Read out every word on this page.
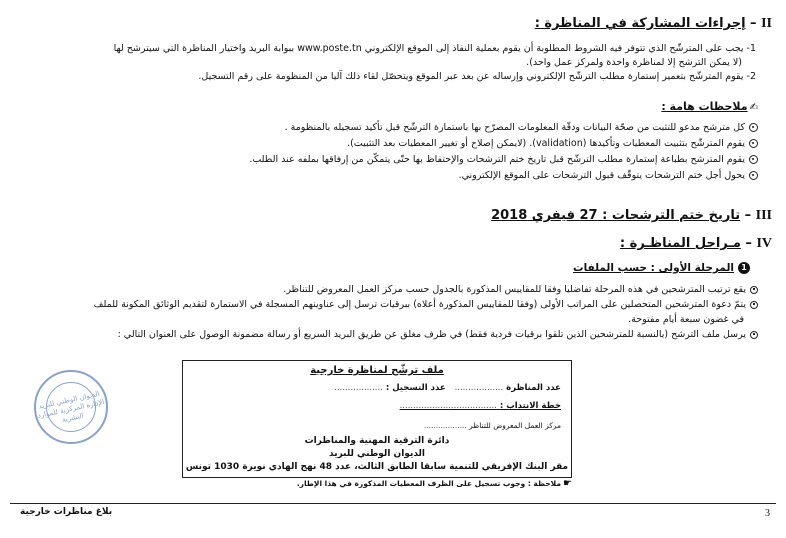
II – إجراءات المشاركة في المناظرة :
1- يجب على المترشّح الذي تتوفر فيه الشروط المطلوبة أن يقوم بعملية النفاذ إلى الموقع الإلكتروني www.poste.tn ببوابة البريد واختيار المناظرة التي سيترشح لها
(لا يمكن الترشح إلا لمناظرة واحدة ولمركز عمل واحد).
2- يقوم المترشّح بتعمير إستمارة مطلب الترشّح الإلكتروني وإرساله عن بعد عبر الموقع ويتحصّل لقاء ذلك آليا من المنظومة على رقم التسجيل.
✍ملاحظات هامة :
كل مترشح مدعو للتثبت من صحّة البيانات ودقّة المعلومات المصرّح بها باستمارة الترشّح قبل تأكيد تسجيله بالمنظومة .
يقوم المترشّح بتثبيت المعطيات وتأكيدها (validation). (لايمكن إصلاح أو تغيير المعطيات بعد التثبيت).
يقوم المترشح بطباعة إستمارة مطلب الترشّح قبل تاريخ ختم الترشحات والإحتفاظ بها حتّى يتمكّن من إرفاقها بملفه عند الطلب.
يحول أجل ختم الترشحات يتوقّف قبول الترشحات على الموقع الإلكتروني.
III – تاريخ ختم الترشحات : 27 فيفري 2018
IV – مـراحل المناظـرة :
1المرحلة الأولى : حسب الملفات
يقع ترتيب المترشحين في هذه المرحلة تفاضليا وفقا للمقاييس المذكورة بالجدول حسب مركز العمل المعروض للتناظر.
يتمّ دعوة المترشحين المتحصلين على المراتب الأولى (وفقا للمقاييس المذكورة أعلاه) ببرقيات ترسل إلى عناوينهم المسجلة في الاستمارة لتقديم الوثائق المكونة للملف
في غضون سبعة أيام مفتوحة.
يرسل ملف الترشح (بالنسبة للمترشحين الذين تلقوا برقيات فردية فقط) في ظرف مغلق عن طريق البريد السريع أو رسالة مضمونة الوصول على العنوان التالي :
ملف ترشّح لمناظرة خارجية
عدد المناظرة ..................   عدد التسجيل : ..................
خطة الانتداب : ....................................
مركز العمل المعروض للتناظر ..................
دائرة الترقية المهنية والمناظرات
الديوان الوطني للبريد
مقر البنك الإفريقي للتنمية سابقا الطابق الثالث، عدد 48 نهج الهادي نويرة 1030 تونس
☛ملاحظة : وجوب تسجيل على الظرف المعطيات المذكورة في هذا الإطار.
الديوان الوطني للبريد الإدارة المركزية للموارد البشرية
بلاغ مناظرات خارجية	3
